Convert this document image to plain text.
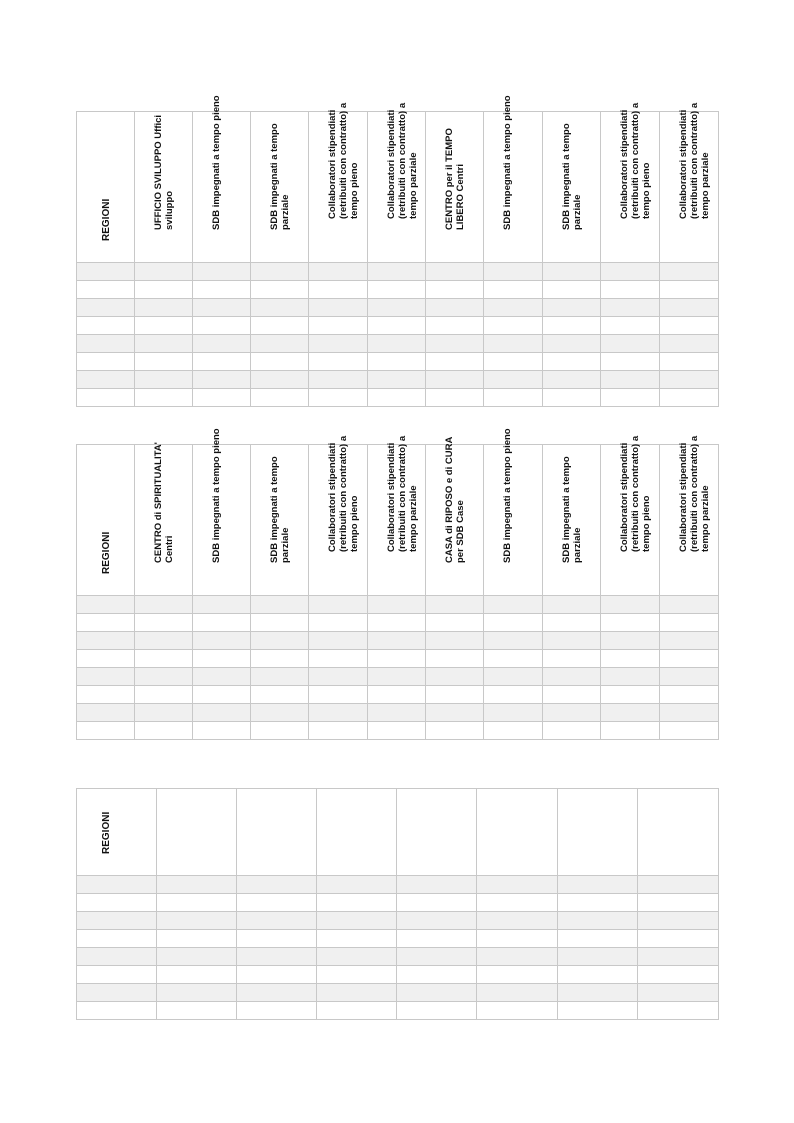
REGIONI	UFFICIO SVILUPPO Uffici sviluppo	SDB impegnati a tempo pieno	SDB impegnati a tempo parziale	Collaboratori stipendiati (retribuiti con contratto) a tempo pieno	Collaboratori stipendiati (retribuiti con contratto) a tempo parziale	CENTRO per il TEMPO LIBERO Centri	SDB impegnati a tempo pieno	SDB impegnati a tempo parziale	Collaboratori stipendiati (retribuiti con contratto) a tempo pieno	Collaboratori stipendiati (retribuiti con contratto) a tempo parziale

REGIONI	CENTRO di SPIRITUALITA' Centri	SDB impegnati a tempo pieno	SDB impegnati a tempo parziale	Collaboratori stipendiati (retribuiti con contratto) a tempo pieno	Collaboratori stipendiati (retribuiti con contratto) a tempo parziale	CASA di RIPOSO e di CURA per SDB Case	SDB impegnati a tempo pieno	SDB impegnati a tempo parziale	Collaboratori stipendiati (retribuiti con contratto) a tempo pieno	Collaboratori stipendiati (retribuiti con contratto) a tempo parziale

REGIONI								
